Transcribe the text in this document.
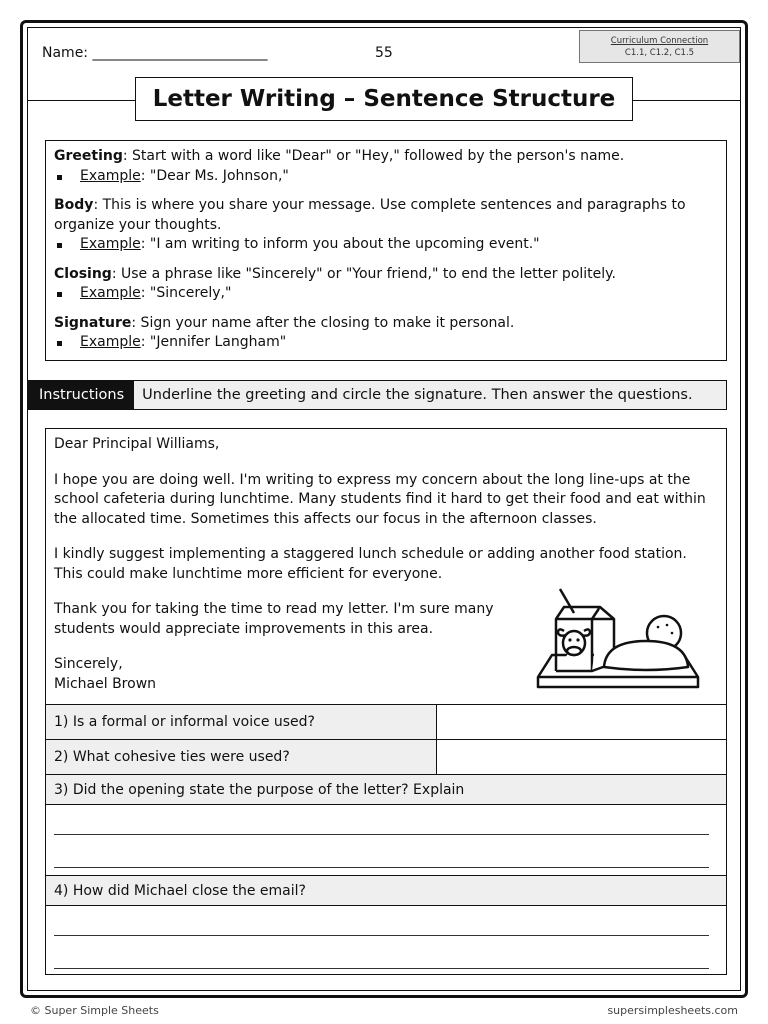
Name: _________________________	55
Curriculum Connection
C1.1, C1.2, C1.5
Letter Writing – Sentence Structure

Greeting: Start with a word like "Dear" or "Hey," followed by the person's name.

Example: "Dear Ms. Johnson,"

Body: This is where you share your message. Use complete sentences and paragraphs to organize your thoughts.

Example: "I am writing to inform you about the upcoming event."

Closing: Use a phrase like "Sincerely" or "Your friend," to end the letter politely.

Example: "Sincerely,"

Signature: Sign your name after the closing to make it personal.

Example: "Jennifer Langham"

Instructions	Underline the greeting and circle the signature. Then answer the questions.

Dear Principal Williams,

I hope you are doing well. I'm writing to express my concern about the long line-ups at the school cafeteria during lunchtime. Many students find it hard to get their food and eat within the allocated time. Sometimes this affects our focus in the afternoon classes.

I kindly suggest implementing a staggered lunch schedule or adding another food station. This could make lunchtime more efficient for everyone.

Thank you for taking the time to read my letter. I'm sure many students would appreciate improvements in this area.

Sincerely,

Michael Brown

1) Is a formal or informal voice used?
2) What cohesive ties were used?
3) Did the opening state the purpose of the letter? Explain
4) How did Michael close the email?
© Super Simple Sheets	supersimplesheets.com
